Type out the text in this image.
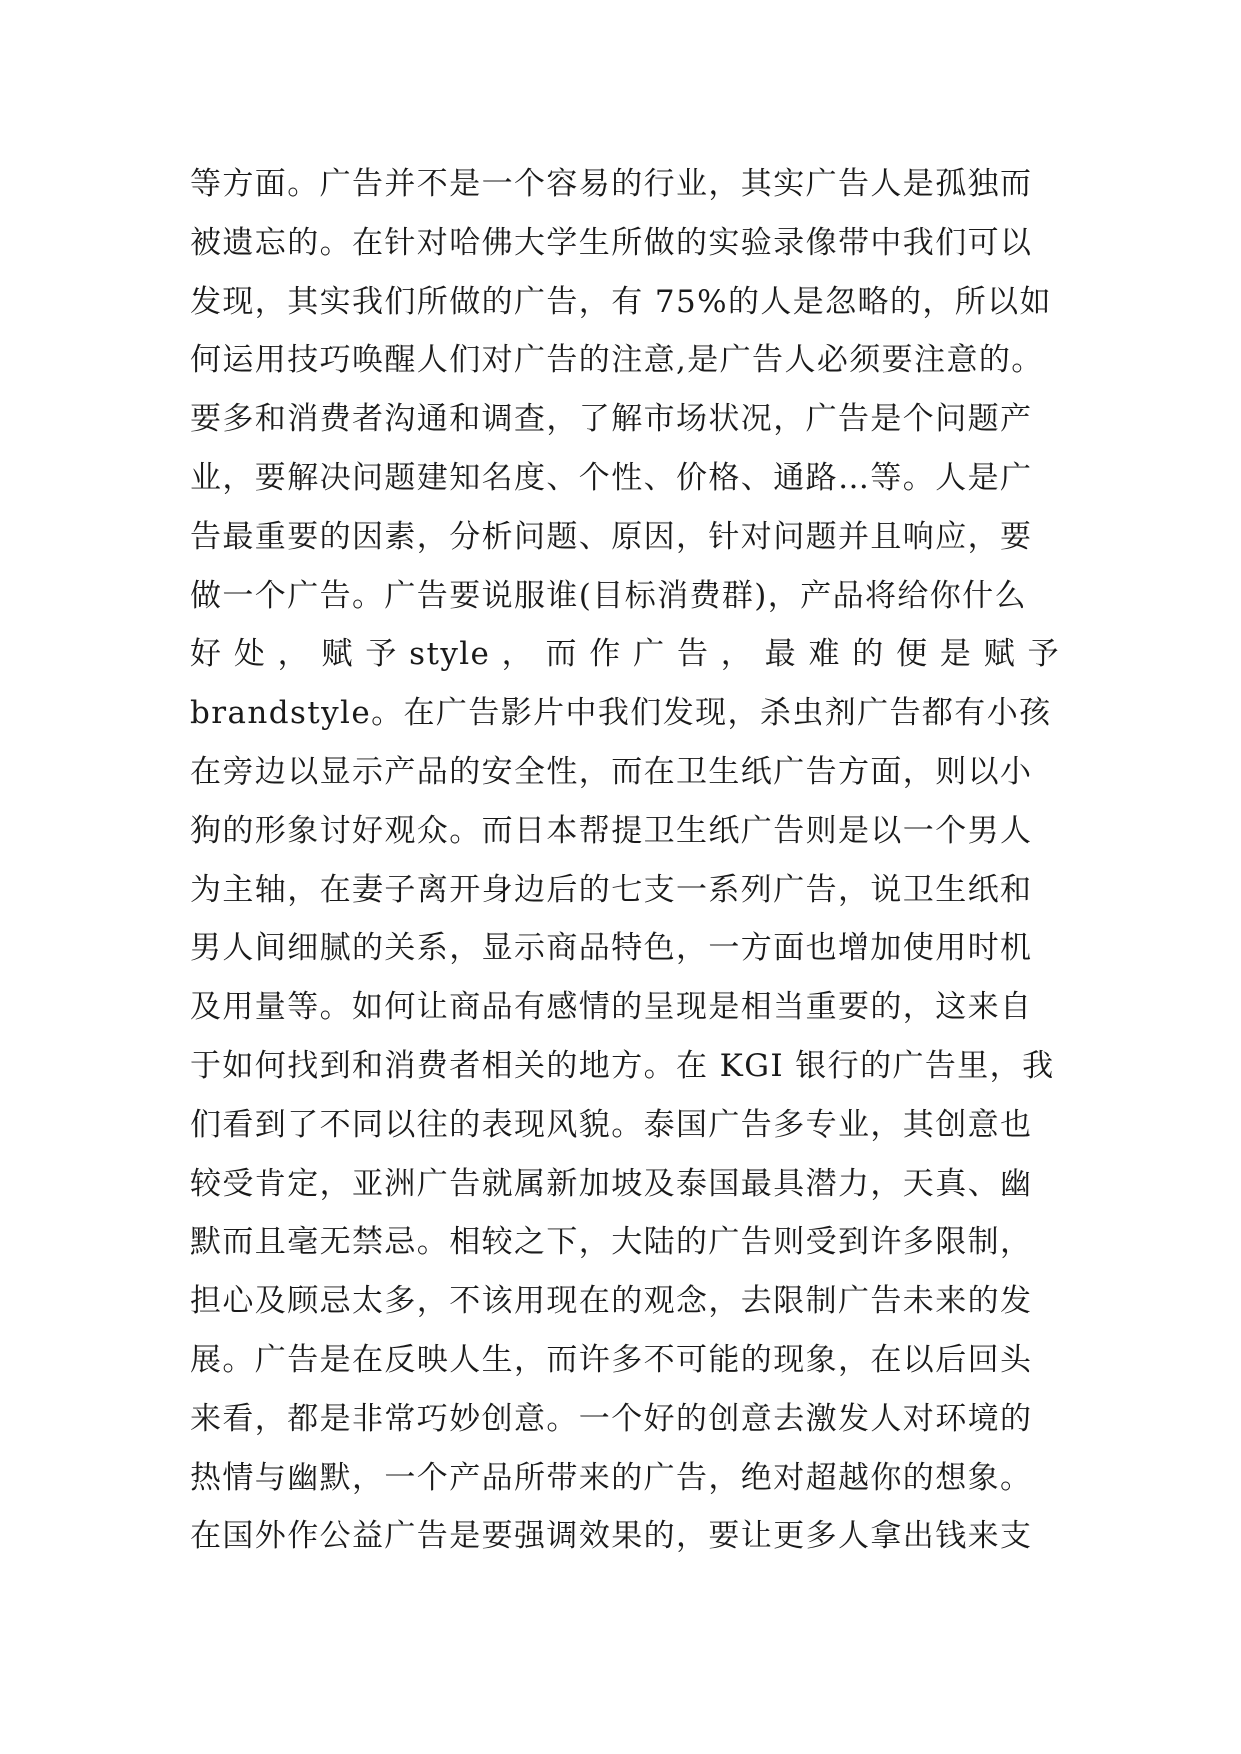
等方面。广告并不是一个容易的行业，其实广告人是孤独而
被遗忘的。在针对哈佛大学生所做的实验录像带中我们可以
发现，其实我们所做的广告，有 75%的人是忽略的，所以如
何运用技巧唤醒人们对广告的注意,是广告人必须要注意的。
要多和消费者沟通和调查，了解市场状况，广告是个问题产
业，要解决问题建知名度、个性、价格、通路…等。人是广
告最重要的因素，分析问题、原因，针对问题并且响应，要
做一个广告。广告要说服谁(目标消费群)，产品将给你什么
好 处 ， 赋 予 style ， 而 作 广 告 ， 最 难 的 便 是 赋 予
brandstyle。在广告影片中我们发现，杀虫剂广告都有小孩
在旁边以显示产品的安全性，而在卫生纸广告方面，则以小
狗的形象讨好观众。而日本帮提卫生纸广告则是以一个男人
为主轴，在妻子离开身边后的七支一系列广告，说卫生纸和
男人间细腻的关系，显示商品特色，一方面也增加使用时机
及用量等。如何让商品有感情的呈现是相当重要的，这来自
于如何找到和消费者相关的地方。在 KGI 银行的广告里，我
们看到了不同以往的表现风貌。泰国广告多专业，其创意也
较受肯定，亚洲广告就属新加坡及泰国最具潜力，天真、幽
默而且毫无禁忌。相较之下，大陆的广告则受到许多限制，
担心及顾忌太多，不该用现在的观念，去限制广告未来的发
展。广告是在反映人生，而许多不可能的现象，在以后回头
来看，都是非常巧妙创意。一个好的创意去激发人对环境的
热情与幽默，一个产品所带来的广告，绝对超越你的想象。
在国外作公益广告是要强调效果的，要让更多人拿出钱来支
